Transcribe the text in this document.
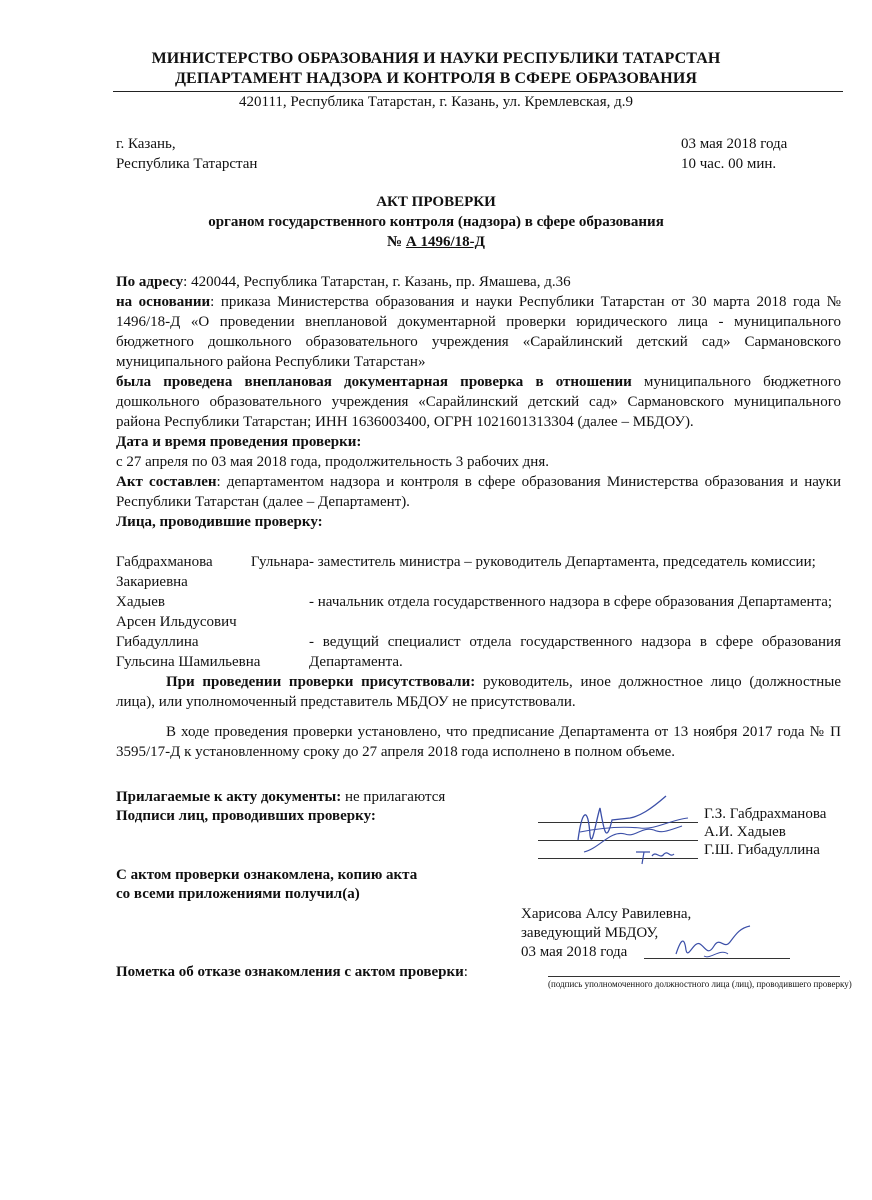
МИНИСТЕРСТВО ОБРАЗОВАНИЯ И НАУКИ РЕСПУБЛИКИ ТАТАРСТАН
ДЕПАРТАМЕНТ НАДЗОРА И КОНТРОЛЯ В СФЕРЕ ОБРАЗОВАНИЯ
420111, Республика Татарстан, г. Казань, ул. Кремлевская, д.9
г. Казань,
Республика Татарстан
03 мая 2018 года
10 час. 00 мин.
АКТ ПРОВЕРКИ
органом государственного контроля (надзора) в сфере образования
№ А 1496/18-Д

По адресу: 420044, Республика Татарстан, г. Казань, пр. Ямашева, д.36

на основании: приказа Министерства образования и науки Республики Татарстан от 30 марта 2018 года № 1496/18-Д «О проведении внеплановой документарной проверки юридического лица - муниципального бюджетного дошкольного образовательного учреждения «Сарайлинский детский сад» Сармановского муниципального района Республики Татарстан»

была проведена внеплановая документарная проверка в отношении муниципального бюджетного дошкольного образовательного учреждения «Сарайлинский детский сад» Сармановского муниципального района Республики Татарстан; ИНН 1636003400, ОГРН 1021601313304 (далее – МБДОУ).

Дата и время проведения проверки:

с 27 апреля по 03 мая 2018 года, продолжительность 3 рабочих дня.

Акт составлен: департаментом надзора и контроля в сфере образования Министерства образования и науки Республики Татарстан (далее – Департамент).

Лица, проводившие проверку:

Габдрахманова Гульнара
Закариевна
- заместитель министра – руководитель Департамента, председатель комиссии;
Хадыев
Арсен Ильдусович
- начальник отдела государственного надзора в сфере образования Департамента;
Гибадуллина
Гульсина Шамильевна
- ведущий специалист отдела государственного надзора в сфере образования Департамента.

При проведении проверки присутствовали: руководитель, иное должностное лицо (должностные лица), или уполномоченный представитель МБДОУ не присутствовали.

В ходе проведения проверки установлено, что предписание Департамента от 13 ноября 2017 года № П 3595/17-Д к установленному сроку до 27 апреля 2018 года исполнено в полном объеме.

Прилагаемые к акту документы: не прилагаются
Подписи лиц, проводивших проверку:	Г.З. Габдрахманова
А.И. Хадыев
Г.Ш. Гибадуллина
С актом проверки ознакомлена, копию акта
со всеми приложениями получил(а)
Харисова Алсу Равилевна,
заведующий МБДОУ,
03 мая 2018 года
Пометка об отказе ознакомления с актом проверки:
(подпись уполномоченного должностного лица (лиц), проводившего проверку)
